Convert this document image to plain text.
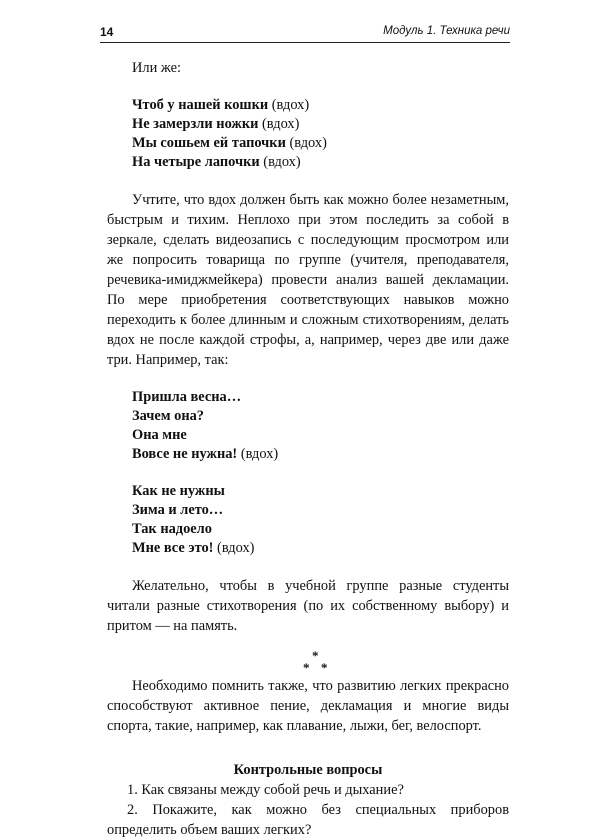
14	Модуль 1. Техника речи

Или же:

Чтоб у нашей кошки (вдох)
Не замерзли ножки (вдох)
Мы сошьем ей тапочки (вдох)
На четыре лапочки (вдох)

Учтите, что вдох должен быть как можно более незаметным, быстрым и тихим. Неплохо при этом последить за собой в зеркале, сделать видеозапись с последующим просмотром или же попросить товарища по группе (учителя, преподавателя, речевика-имиджмейкера) провести анализ вашей декламации. По мере приобретения соответствующих навыков можно переходить к более длинным и сложным стихотворениям, делать вдох не после каждой строфы, а, например, через две или даже три. Например, так:

Пришла весна…
Зачем она?
Она мне
Вовсе не нужна! (вдох)
Как не нужны
Зима и лето…
Так надоело
Мне все это! (вдох)

Желательно, чтобы в учебной группе разные студенты читали разные стихотворения (по их собственному выбору) и притом — на память.

*
* *

Необходимо помнить также, что развитию легких прекрасно способствуют активное пение, декламация и многие виды спорта, такие, например, как плавание, лыжи, бег, велоспорт.

Контрольные вопросы

1. Как связаны между собой речь и дыхание?

2. Покажите, как можно без специальных приборов определить объем ваших легких?
